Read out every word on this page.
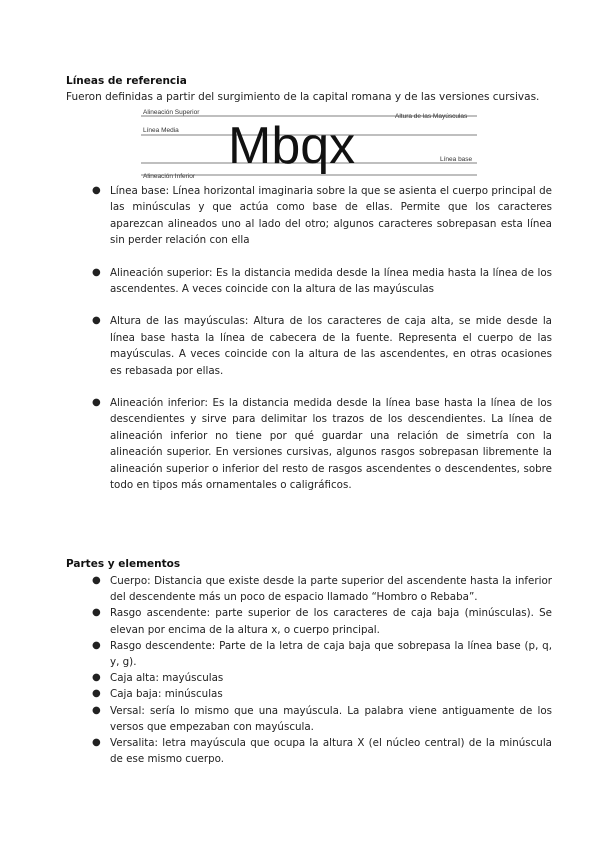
Líneas de referencia
Fueron definidas a partir del surgimiento de la capital romana y de las versiones cursivas.
Alineación Superior
Altura de las Mayúsculas
Línea Media
Línea base
Alineación Inferior
Mbqx
● Línea base: Línea horizontal imaginaria sobre la que se asienta el cuerpo principal de las minúsculas y que actúa como base de ellas. Permite que los caracteres aparezcan alineados uno al lado del otro; algunos caracteres sobrepasan esta línea sin perder relación con ella
● Alineación superior: Es la distancia medida desde la línea media hasta la línea de los ascendentes. A veces coincide con la altura de las mayúsculas
● Altura de las mayúsculas: Altura de los caracteres de caja alta, se mide desde la línea base hasta la línea de cabecera de la fuente. Representa el cuerpo de las mayúsculas. A veces coincide con la altura de las ascendentes, en otras ocasiones es rebasada por ellas.
● Alineación inferior: Es la distancia medida desde la línea base hasta la línea de los descendientes y sirve para delimitar los trazos de los descendientes. La línea de alineación inferior no tiene por qué guardar una relación de simetría con la alineación superior. En versiones cursivas, algunos rasgos sobrepasan libremente la alineación superior o inferior del resto de rasgos ascendentes o descendentes, sobre todo en tipos más ornamentales o caligráficos.
Partes y elementos
● Cuerpo: Distancia que existe desde la parte superior del ascendente hasta la inferior del descendente más un poco de espacio llamado “Hombro o Rebaba”.
● Rasgo ascendente: parte superior de los caracteres de caja baja (minúsculas). Se elevan por encima de la altura x, o cuerpo principal.
● Rasgo descendente: Parte de la letra de caja baja que sobrepasa la línea base (p, q, y, g).
● Caja alta: mayúsculas
● Caja baja: minúsculas
● Versal: sería lo mismo que una mayúscula. La palabra viene antiguamente de los versos que empezaban con mayúscula.
● Versalita: letra mayúscula que ocupa la altura X (el núcleo central) de la minúscula de ese mismo cuerpo.
